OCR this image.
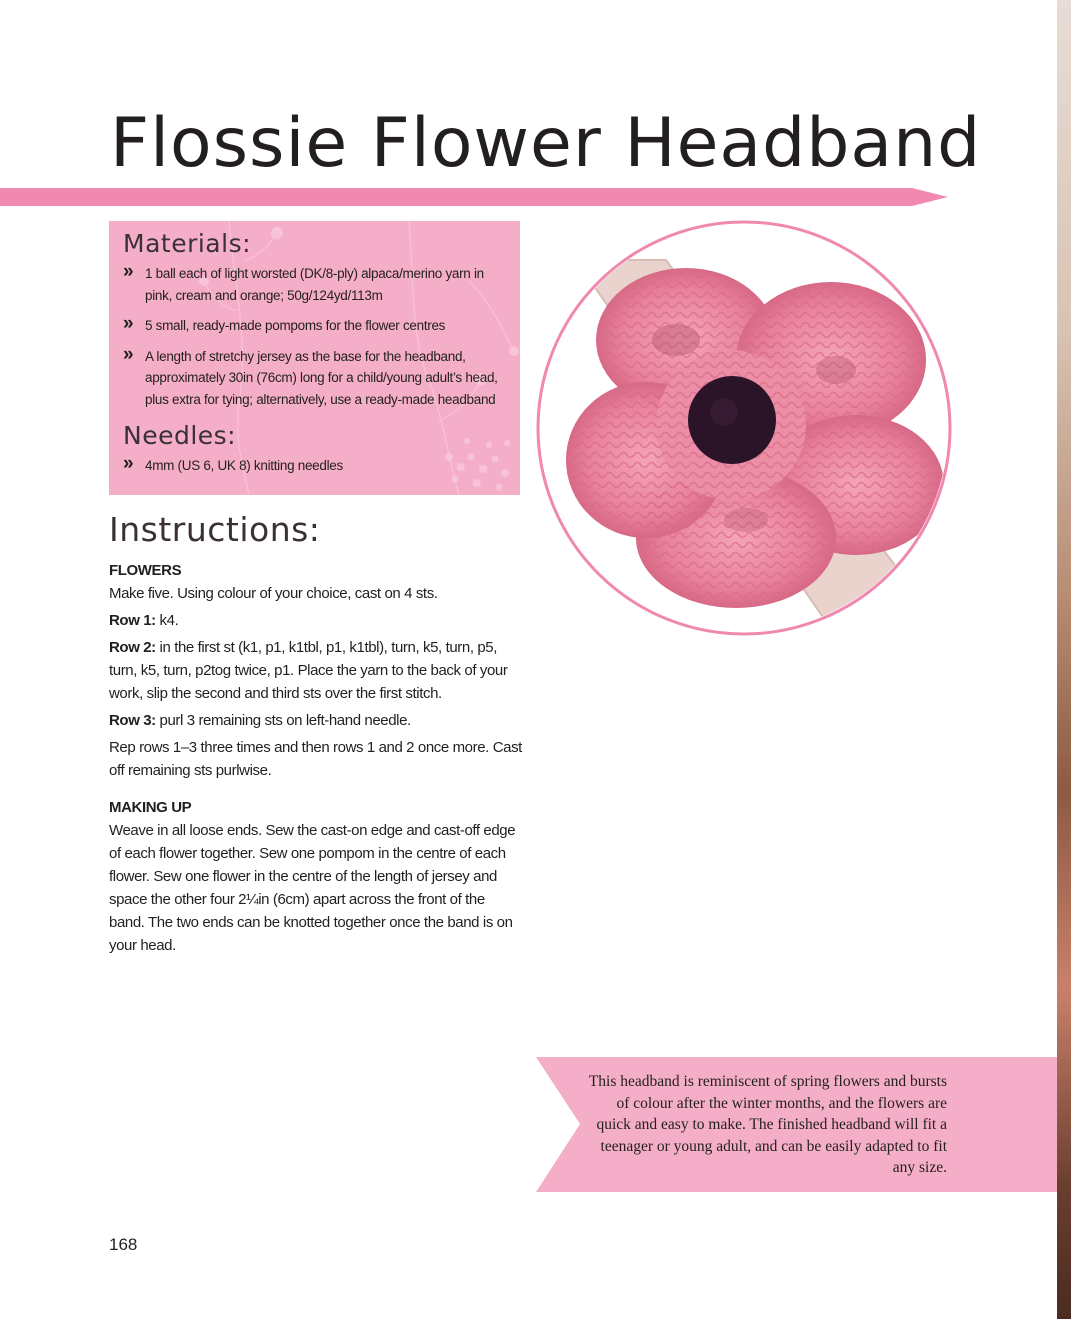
Flossie Flower Headband
Materials:
» 1 ball each of light worsted (DK/8-ply) alpaca/merino yarn in pink, cream and orange; 50g/124yd/113m
» 5 small, ready-made pompoms for the flower centres
» A length of stretchy jersey as the base for the headband, approximately 30in (76cm) long for a child/young adult’s head, plus extra for tying; alternatively, use a ready-made headband
Needles:
» 4mm (US 6, UK 8) knitting needles
Instructions:

FLOWERS

Make five. Using colour of your choice, cast on 4 sts.

Row 1: k4.

Row 2: in the first st (k1, p1, k1tbl, p1, k1tbl), turn, k5, turn, p5, turn, k5, turn, p2tog twice, p1. Place the yarn to the back of your work, slip the second and third sts over the first stitch.

Row 3: purl 3 remaining sts on left-hand needle.

Rep rows 1–3 three times and then rows 1 and 2 once more. Cast off remaining sts purlwise.

MAKING UP

Weave in all loose ends. Sew the cast-on edge and cast-off edge of each flower together. Sew one pompom in the centre of each flower. Sew one flower in the centre of the length of jersey and space the other four 2¼in (6cm) apart across the front of the band. The two ends can be knotted together once the band is on your head.

This headband is reminiscent of spring flowers and bursts of colour after the winter months, and the flowers are quick and easy to make. The finished headband will fit a teenager or young adult, and can be easily adapted to fit any size.
168
